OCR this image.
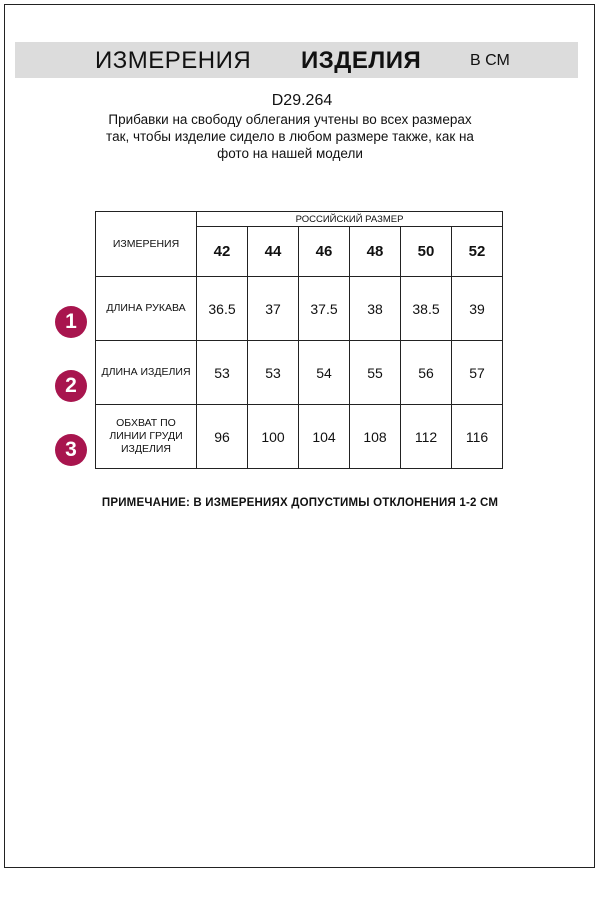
ИЗМЕРЕНИЯ ИЗДЕЛИЯ	В СМ
D29.264
Прибавки на свободу облегания учтены во всех размерах
так, чтобы изделие сидело в любом размере также, как на
фото на нашей модели
ИЗМЕРЕНИЯ	РОССИЙСКИЙ РАЗМЕР					
	42	44	46	48	50	52
ДЛИНА РУКАВА	36.5	37	37.5	38	38.5	39
ДЛИНА ИЗДЕЛИЯ	53	53	54	55	56	57

ОБХВАТ ПО
ЛИНИИ ГРУДИ
ИЗДЕЛИЯ	96	100	104	108	112	116
1
2
3
ПРИМЕЧАНИЕ: В ИЗМЕРЕНИЯХ ДОПУСТИМЫ ОТКЛОНЕНИЯ 1-2 СМ
